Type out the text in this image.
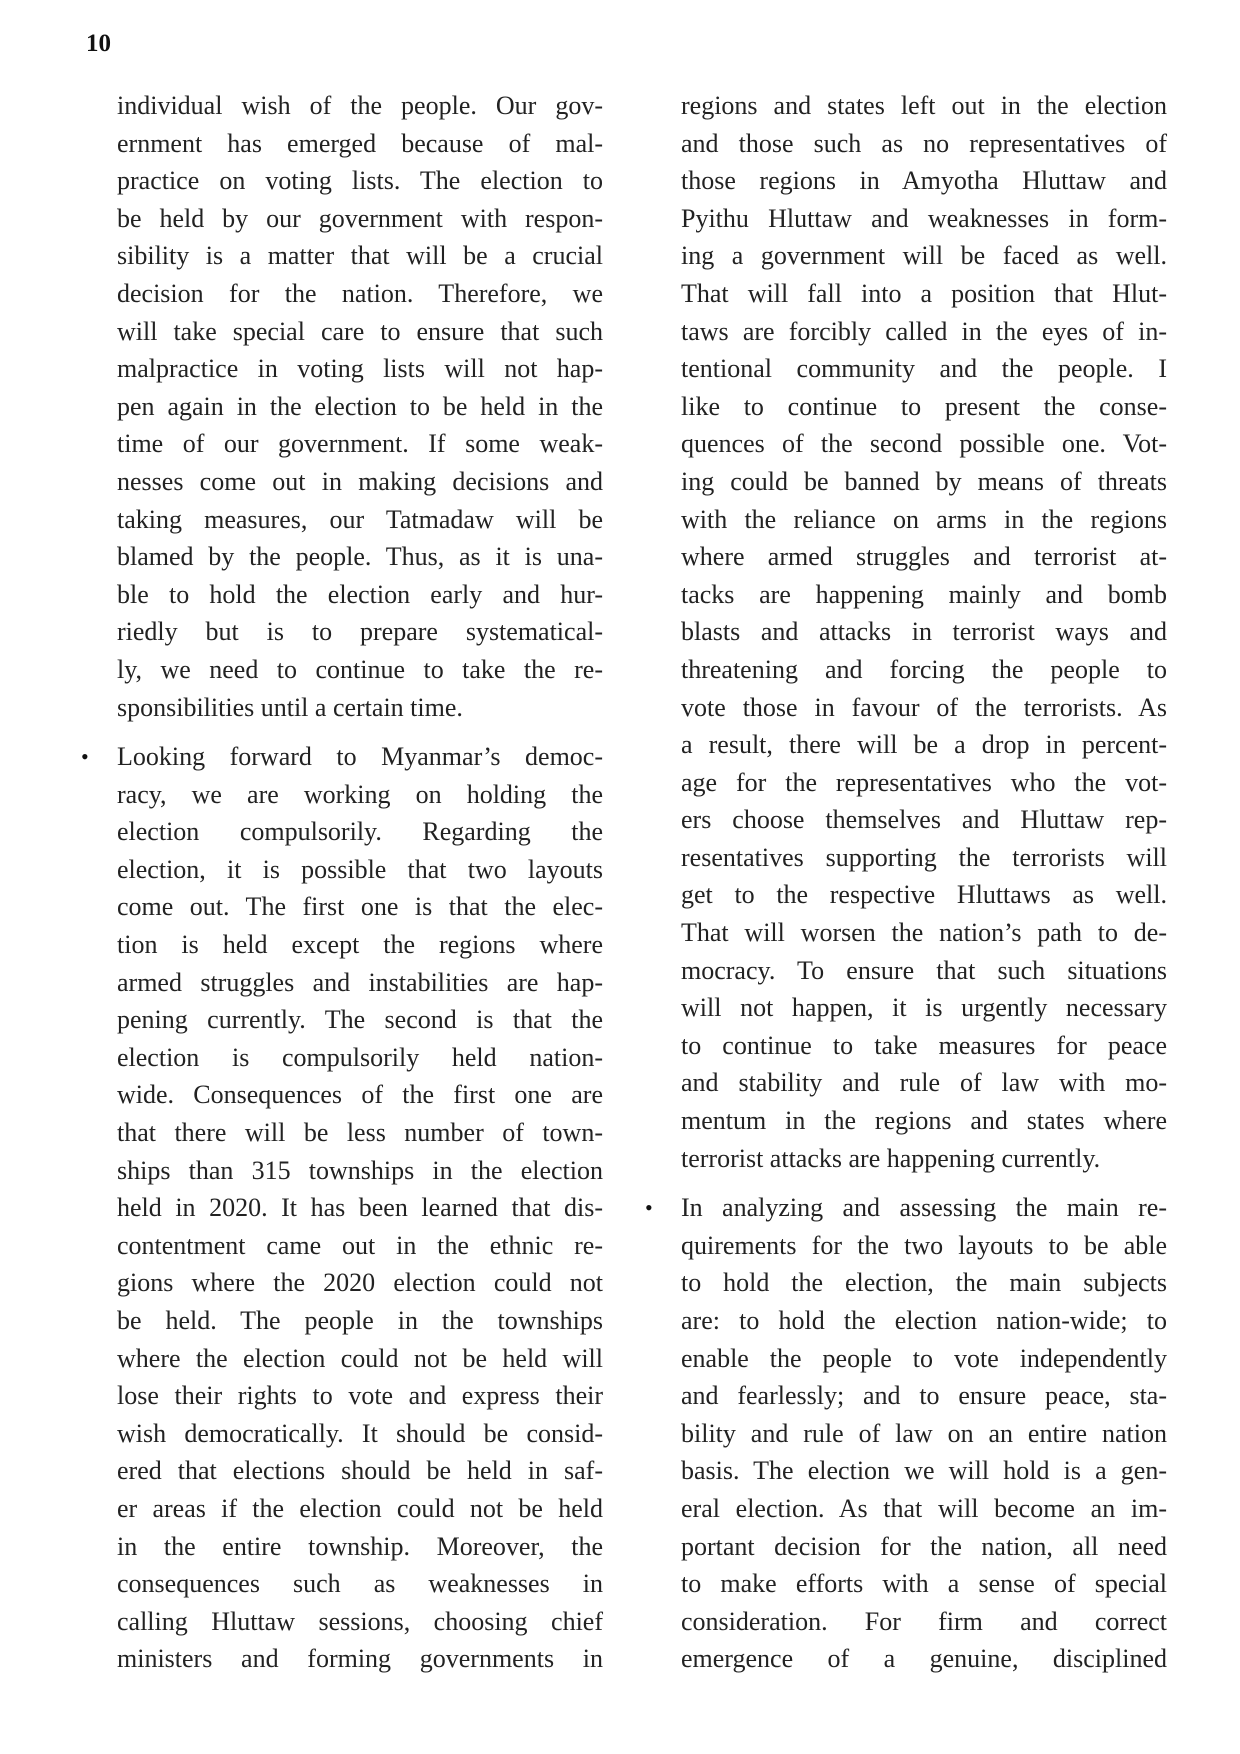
10
individual wish of the people. Our gov-
ernment has emerged because of mal-
practice on voting lists. The election to
be held by our government with respon-
sibility is a matter that will be a crucial
decision for the nation. Therefore, we
will take special care to ensure that such
malpractice in voting lists will not hap-
pen again in the election to be held in the
time of our government. If some weak-
nesses come out in making decisions and
taking measures, our Tatmadaw will be
blamed by the people. Thus, as it is una-
ble to hold the election early and hur-
riedly but is to prepare systematical-
ly, we need to continue to take the re-
sponsibilities until a certain time.
• Looking forward to Myanmar’s democ-
racy, we are working on holding the
election compulsorily. Regarding the
election, it is possible that two layouts
come out. The first one is that the elec-
tion is held except the regions where
armed struggles and instabilities are hap-
pening currently. The second is that the
election is compulsorily held nation-
wide. Consequences of the first one are
that there will be less number of town-
ships than 315 townships in the election
held in 2020. It has been learned that dis-
contentment came out in the ethnic re-
gions where the 2020 election could not
be held. The people in the townships
where the election could not be held will
lose their rights to vote and express their
wish democratically. It should be consid-
ered that elections should be held in saf-
er areas if the election could not be held
in the entire township. Moreover, the
consequences such as weaknesses in
calling Hluttaw sessions, choosing chief
ministers and forming governments in
regions and states left out in the election
and those such as no representatives of
those regions in Amyotha Hluttaw and
Pyithu Hluttaw and weaknesses in form-
ing a government will be faced as well.
That will fall into a position that Hlut-
taws are forcibly called in the eyes of in-
tentional community and the people. I
like to continue to present the conse-
quences of the second possible one. Vot-
ing could be banned by means of threats
with the reliance on arms in the regions
where armed struggles and terrorist at-
tacks are happening mainly and bomb
blasts and attacks in terrorist ways and
threatening and forcing the people to
vote those in favour of the terrorists. As
a result, there will be a drop in percent-
age for the representatives who the vot-
ers choose themselves and Hluttaw rep-
resentatives supporting the terrorists will
get to the respective Hluttaws as well.
That will worsen the nation’s path to de-
mocracy. To ensure that such situations
will not happen, it is urgently necessary
to continue to take measures for peace
and stability and rule of law with mo-
mentum in the regions and states where
terrorist attacks are happening currently.
• In analyzing and assessing the main re-
quirements for the two layouts to be able
to hold the election, the main subjects
are: to hold the election nation-wide; to
enable the people to vote independently
and fearlessly; and to ensure peace, sta-
bility and rule of law on an entire nation
basis. The election we will hold is a gen-
eral election. As that will become an im-
portant decision for the nation, all need
to make efforts with a sense of special
consideration. For firm and correct
emergence of a genuine, disciplined
